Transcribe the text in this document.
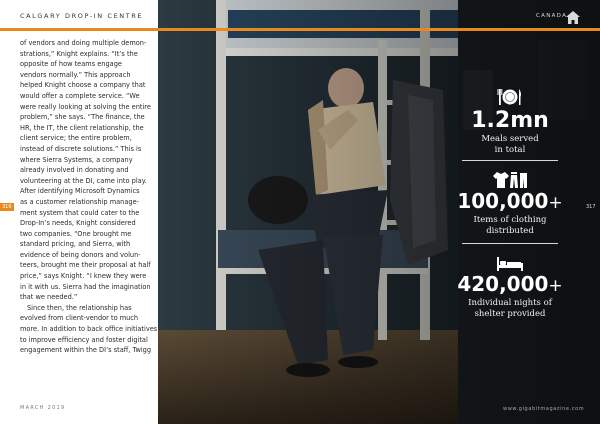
CALGARY DROP-IN CENTRE
of vendors and doing multiple demon-
strations,” Knight explains. “It’s the
opposite of how teams engage
vendors normally.” This approach
helped Knight choose a company that
would offer a complete service. “We
were really looking at solving the entire
problem,” she says. “The finance, the
HR, the IT, the client relationship, the
client service; the entire problem,
instead of discrete solutions.” This is
where Sierra Systems, a company
already involved in donating and
volunteering at the DI, came into play.
After identifying Microsoft Dynamics
as a customer relationship manage-
ment system that could cater to the
Drop-In’s needs, Knight considered
two companies. “One brought me
standard pricing, and Sierra, with
evidence of being donors and volun-
teers, brought me their proposal at half
price,” says Knight. “I knew they were
in it with us. Sierra had the imagination
that we needed.”
Since then, the relationship has
evolved from client-vendor to much
more. In addition to back office initiatives
to improve efficiency and foster digital
engagement within the DI’s staff, Twigg
MARCH 2019
CANADA
316	317
1.2mn
Meals served
in total
100,000+
Items of clothing
distributed
420,000+
Individual nights of
shelter provided
www.gigabitmagazine.com
